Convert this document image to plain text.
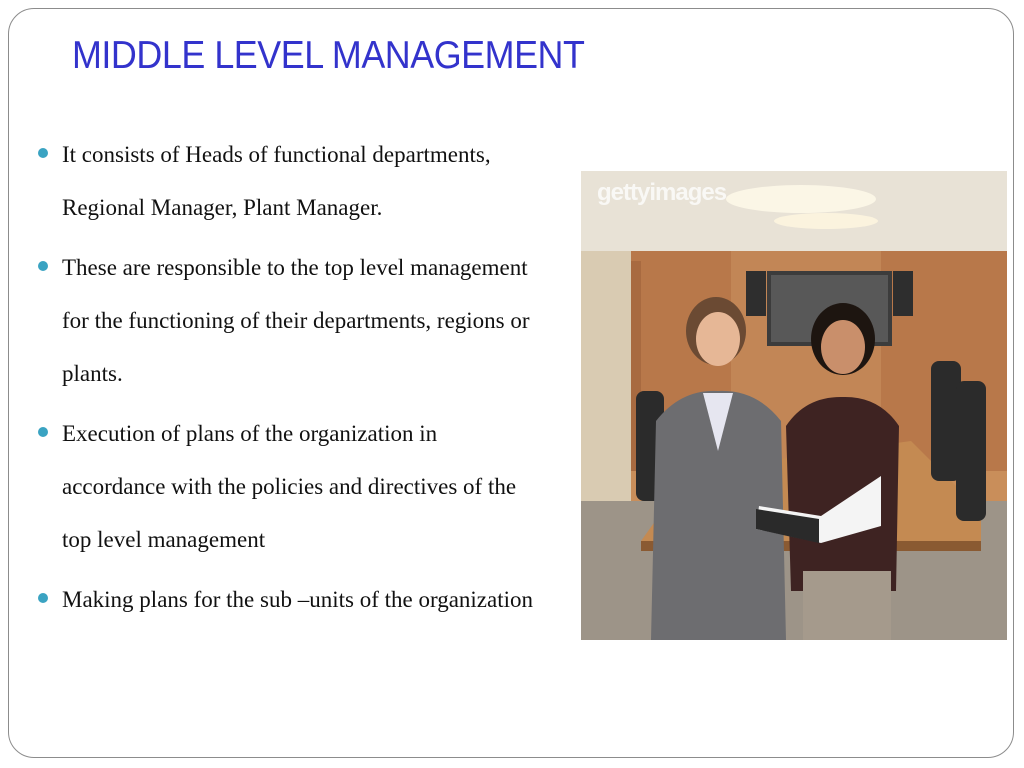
MIDDLE LEVEL MANAGEMENT
It consists of Heads of functional departments, Regional Manager, Plant Manager.
These are responsible to the top level management for the functioning of their departments, regions or plants.
Execution of plans of the organization in accordance with the policies and directives of the top level management
Making plans for the sub –units of the organization
gettyimages
